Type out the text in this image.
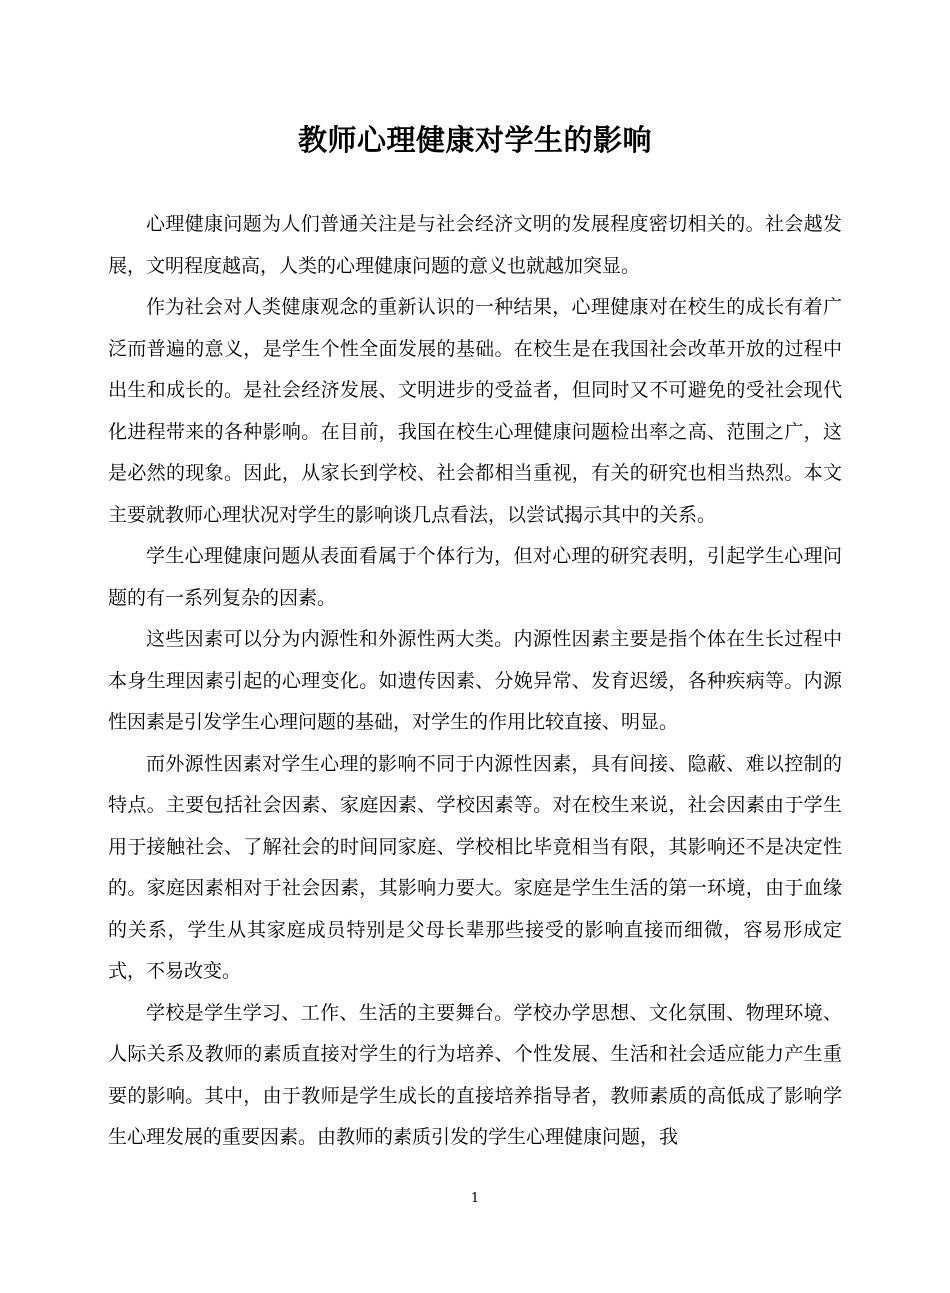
教师心理健康对学生的影响

心理健康问题为人们普通关注是与社会经济文明的发展程度密切相关的。社会越发展，文明程度越高，人类的心理健康问题的意义也就越加突显。

作为社会对人类健康观念的重新认识的一种结果，心理健康对在校生的成长有着广泛而普遍的意义，是学生个性全面发展的基础。在校生是在我国社会改革开放的过程中出生和成长的。是社会经济发展、文明进步的受益者，但同时又不可避免的受社会现代化进程带来的各种影响。在目前，我国在校生心理健康问题检出率之高、范围之广，这是必然的现象。因此，从家长到学校、社会都相当重视，有关的研究也相当热烈。本文主要就教师心理状况对学生的影响谈几点看法，以尝试揭示其中的关系。

学生心理健康问题从表面看属于个体行为，但对心理的研究表明，引起学生心理问题的有一系列复杂的因素。

这些因素可以分为内源性和外源性两大类。内源性因素主要是指个体在生长过程中本身生理因素引起的心理变化。如遗传因素、分娩异常、发育迟缓，各种疾病等。内源性因素是引发学生心理问题的基础，对学生的作用比较直接、明显。

而外源性因素对学生心理的影响不同于内源性因素，具有间接、隐蔽、难以控制的特点。主要包括社会因素、家庭因素、学校因素等。对在校生来说，社会因素由于学生用于接触社会、了解社会的时间同家庭、学校相比毕竟相当有限，其影响还不是决定性的。家庭因素相对于社会因素，其影响力要大。家庭是学生生活的第一环境，由于血缘的关系，学生从其家庭成员特别是父母长辈那些接受的影响直接而细微，容易形成定式，不易改变。

学校是学生学习、工作、生活的主要舞台。学校办学思想、文化氛围、物理环境、人际关系及教师的素质直接对学生的行为培养、个性发展、生活和社会适应能力产生重要的影响。其中，由于教师是学生成长的直接培养指导者，教师素质的高低成了影响学生心理发展的重要因素。由教师的素质引发的学生心理健康问题，我

1
